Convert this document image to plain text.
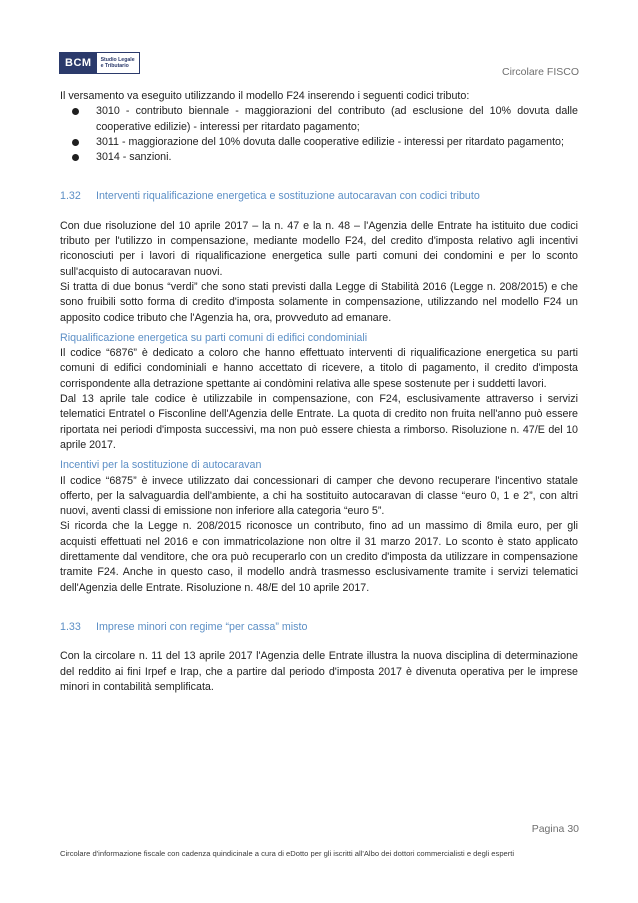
BCM	Studio Legale
e Tributario	Circolare FISCO

Il versamento va eseguito utilizzando il modello F24 inserendo i seguenti codici tributo:

3010 - contributo biennale - maggiorazioni del contributo (ad esclusione del 10% dovuta dalle cooperative edilizie) - interessi per ritardato pagamento;
3011 - maggiorazione del 10% dovuta dalle cooperative edilizie - interessi per ritardato pagamento;
3014 - sanzioni.
1.32 Interventi riqualificazione energetica e sostituzione autocaravan con codici tributo

Con due risoluzione del 10 aprile 2017 – la n. 47 e la n. 48 – l'Agenzia delle Entrate ha istituito due codici tributo per l'utilizzo in compensazione, mediante modello F24, del credito d'imposta relativo agli incentivi riconosciuti per i lavori di riqualificazione energetica sulle parti comuni dei condomini e per lo sconto sull'acquisto di autocaravan nuovi.

Si tratta di due bonus “verdi” che sono stati previsti dalla Legge di Stabilità 2016 (Legge n. 208/2015) e che sono fruibili sotto forma di credito d'imposta solamente in compensazione, utilizzando nel modello F24 un apposito codice tributo che l'Agenzia ha, ora, provveduto ad emanare.

Riqualificazione energetica su parti comuni di edifici condominiali

Il codice “6876” è dedicato a coloro che hanno effettuato interventi di riqualificazione energetica su parti comuni di edifici condominiali e hanno accettato di ricevere, a titolo di pagamento, il credito d'imposta corrispondente alla detrazione spettante ai condòmini relativa alle spese sostenute per i suddetti lavori.

Dal 13 aprile tale codice è utilizzabile in compensazione, con F24, esclusivamente attraverso i servizi telematici Entratel o Fisconline dell'Agenzia delle Entrate. La quota di credito non fruita nell'anno può essere riportata nei periodi d'imposta successivi, ma non può essere chiesta a rimborso. Risoluzione n. 47/E del 10 aprile 2017.

Incentivi per la sostituzione di autocaravan

Il codice “6875” è invece utilizzato dai concessionari di camper che devono recuperare l'incentivo statale offerto, per la salvaguardia dell'ambiente, a chi ha sostituito autocaravan di classe “euro 0, 1 e 2”, con altri nuovi, aventi classi di emissione non inferiore alla categoria “euro 5”.

Si ricorda che la Legge n. 208/2015 riconosce un contributo, fino ad un massimo di 8mila euro, per gli acquisti effettuati nel 2016 e con immatricolazione non oltre il 31 marzo 2017. Lo sconto è stato applicato direttamente dal venditore, che ora può recuperarlo con un credito d'imposta da utilizzare in compensazione tramite F24. Anche in questo caso, il modello andrà trasmesso esclusivamente tramite i servizi telematici dell'Agenzia delle Entrate. Risoluzione n. 48/E del 10 aprile 2017.

1.33 Imprese minori con regime “per cassa” misto

Con la circolare n. 11 del 13 aprile 2017 l'Agenzia delle Entrate illustra la nuova disciplina di determinazione del reddito ai fini Irpef e Irap, che a partire dal periodo d'imposta 2017 è divenuta operativa per le imprese minori in contabilità semplificata.

Pagina 30
Circolare d'informazione fiscale con cadenza quindicinale a cura di eDotto per gli iscritti all'Albo dei dottori commercialisti e degli esperti
